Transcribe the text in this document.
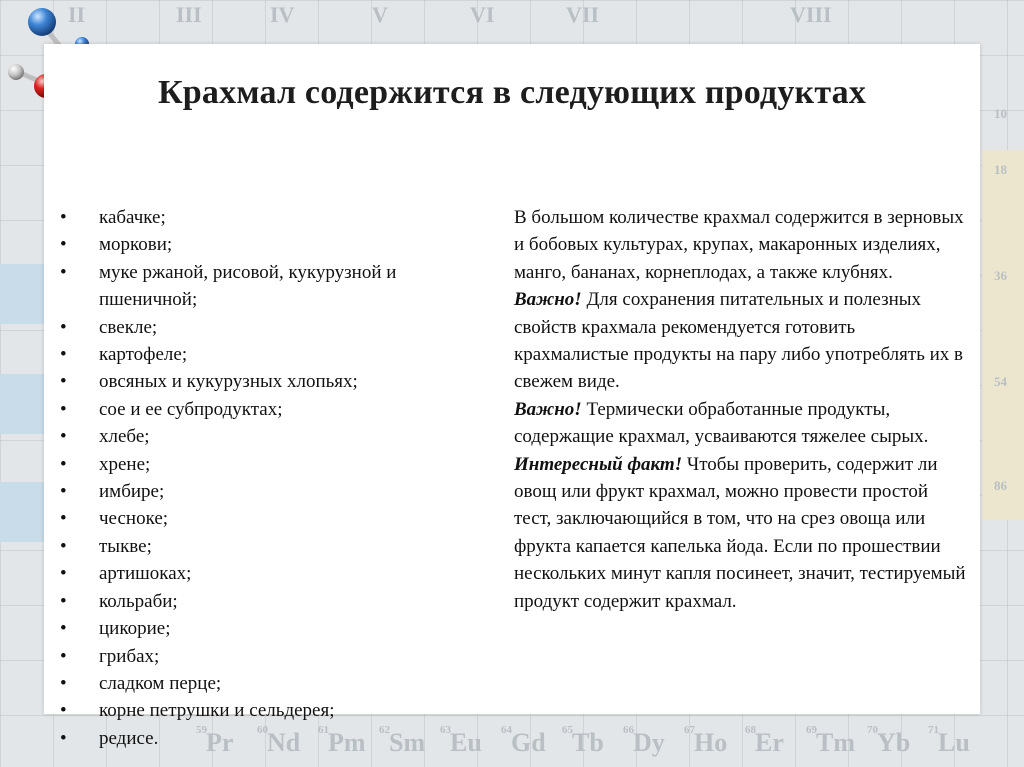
II	III	IV	V	VI	VII	VIII
10
18
36
54
86
59 Pr 60 Nd 61 Pm 62 Sm 63 Eu 64 Gd 65 Tb 66 Dy 67 Ho 68 Er 69 Tm 70 Yb 71 Lu
Крахмал содержится в следующих продуктах
• кабачке;
• моркови;
• муке ржаной, рисовой, кукурузной и пшеничной;
• свекле;
• картофеле;
• овсяных и кукурузных хлопьях;
• сое и ее субпродуктах;
• хлебе;
• хрене;
• имбире;
• чесноке;
• тыкве;
• артишоках;
• кольраби;
• цикорие;
• грибах;
• сладком перце;
• корне петрушки и сельдерея;
• редисе.

В большом количестве крахмал содержится в зерновых и бобовых культурах, крупах, макаронных изделиях, манго, бананах, корнеплодах, а также клубнях.

Важно! Для сохранения питательных и полезных свойств крахмала рекомендуется готовить крахмалистые продукты на пару либо употреблять их в свежем виде.

Важно! Термически обработанные продукты, содержащие крахмал, усваиваются тяжелее сырых.

Интересный факт! Чтобы проверить, содержит ли овощ или фрукт крахмал, можно провести простой тест, заключающийся в том, что на срез овоща или фрукта капается капелька йода. Если по прошествии нескольких минут капля посинеет, значит, тестируемый продукт содержит крахмал.
